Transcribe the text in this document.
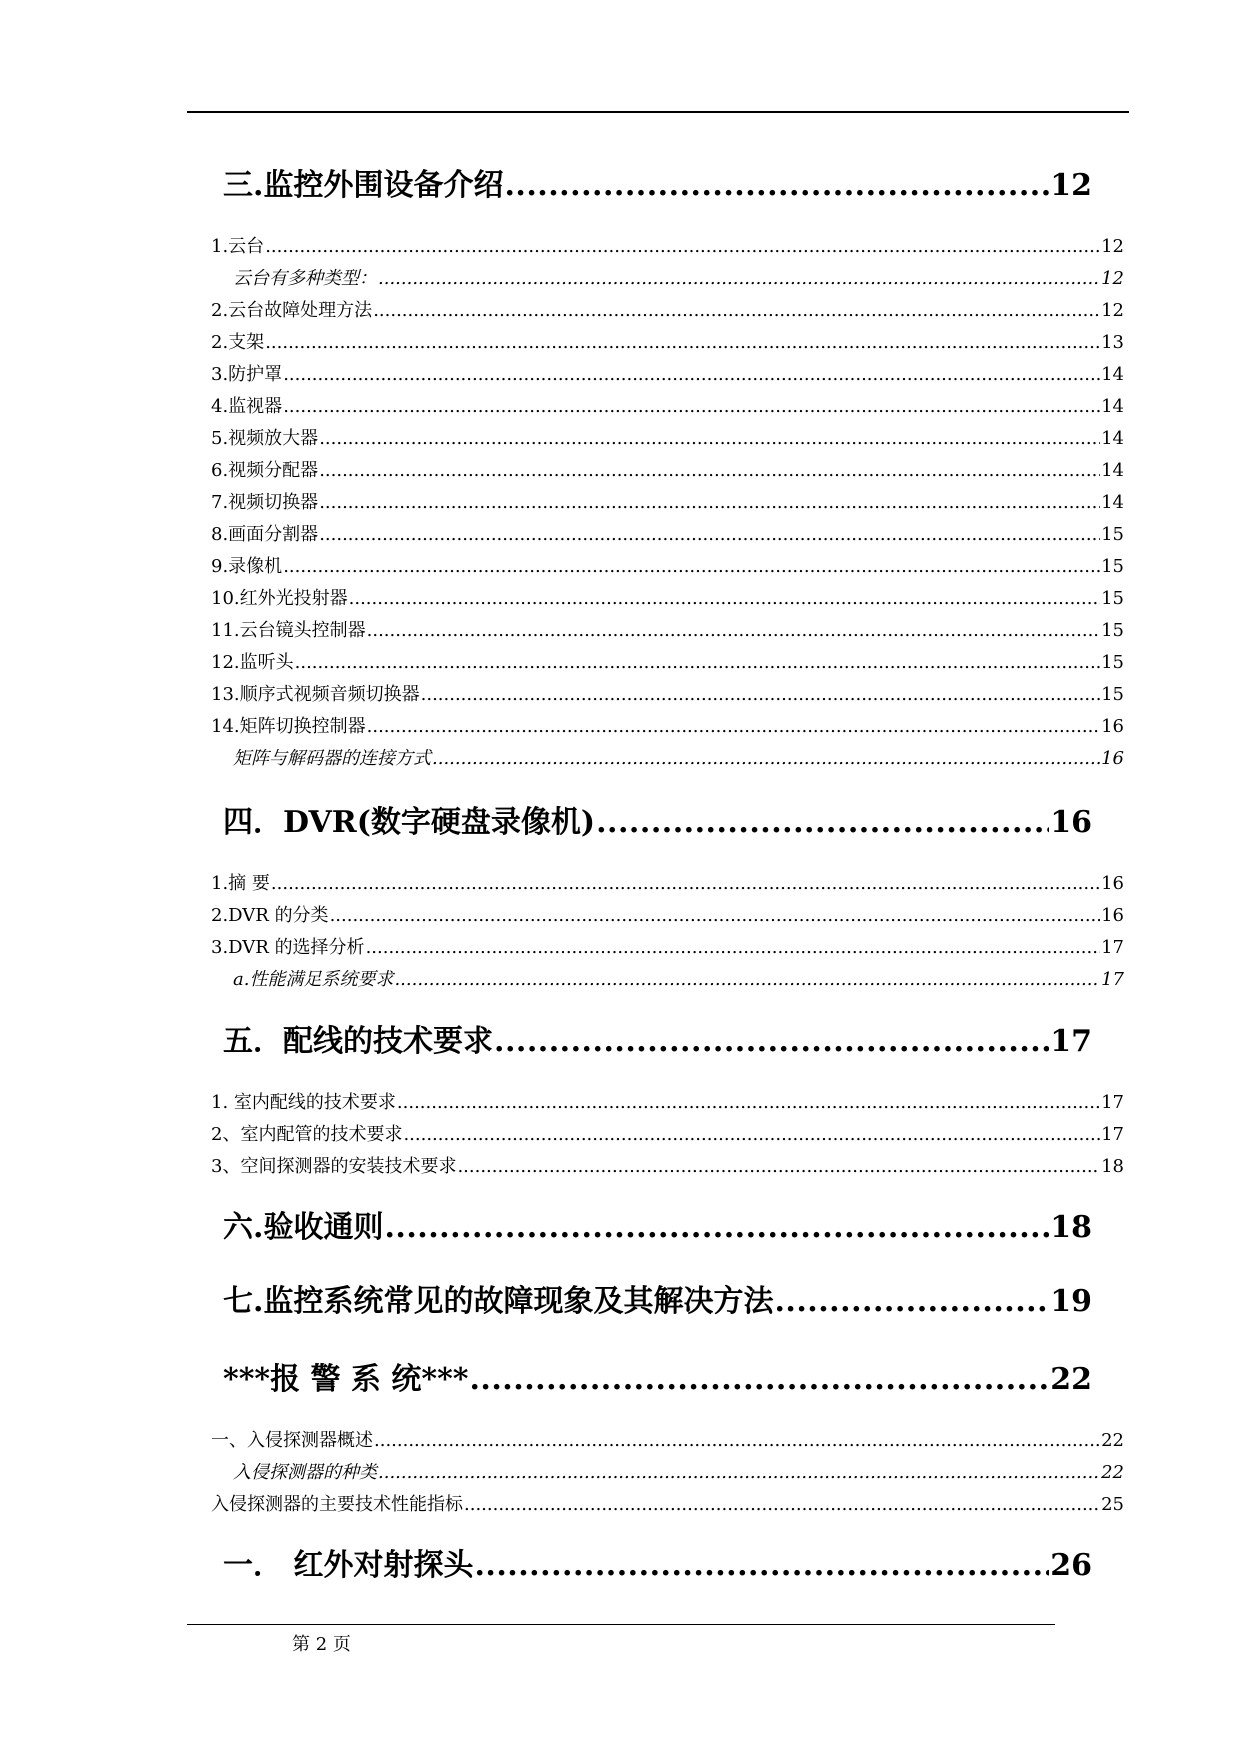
三.监控外围设备介绍 .....	12
1.云台 .....	12
云台有多种类型： .....	12
2.云台故障处理方法 .....	12
2.支架 .....	13
3.防护罩 .....	14
4.监视器 .....	14
5.视频放大器 .....	14
6.视频分配器 .....	14
7.视频切换器 .....	14
8.画面分割器 .....	15
9.录像机 .....	15
10.红外光投射器 .....	15
11.云台镜头控制器 .....	15
12.监听头 .....	15
13.顺序式视频音频切换器 .....	15
14.矩阵切换控制器 .....	16
矩阵与解码器的连接方式 .....	16
四．DVR(数字硬盘录像机) .....	16
1.摘 要 .....	16
2.DVR 的分类 .....	16
3.DVR 的选择分析 .....	17
a.性能满足系统要求 .....	17
五．配线的技术要求 .....	17
1. 室内配线的技术要求 .....	17
2、室内配管的技术要求 .....	17
3、空间探测器的安装技术要求 .....	18
六.验收通则 .....	18
七.监控系统常见的故障现象及其解决方法 .....	19
***报 警 系 统*** .....	22
一、入侵探测器概述 .....	22
入侵探测器的种类 .....	22
入侵探测器的主要技术性能指标 .....	25
一． 红外对射探头 .....	26
第 2 页
